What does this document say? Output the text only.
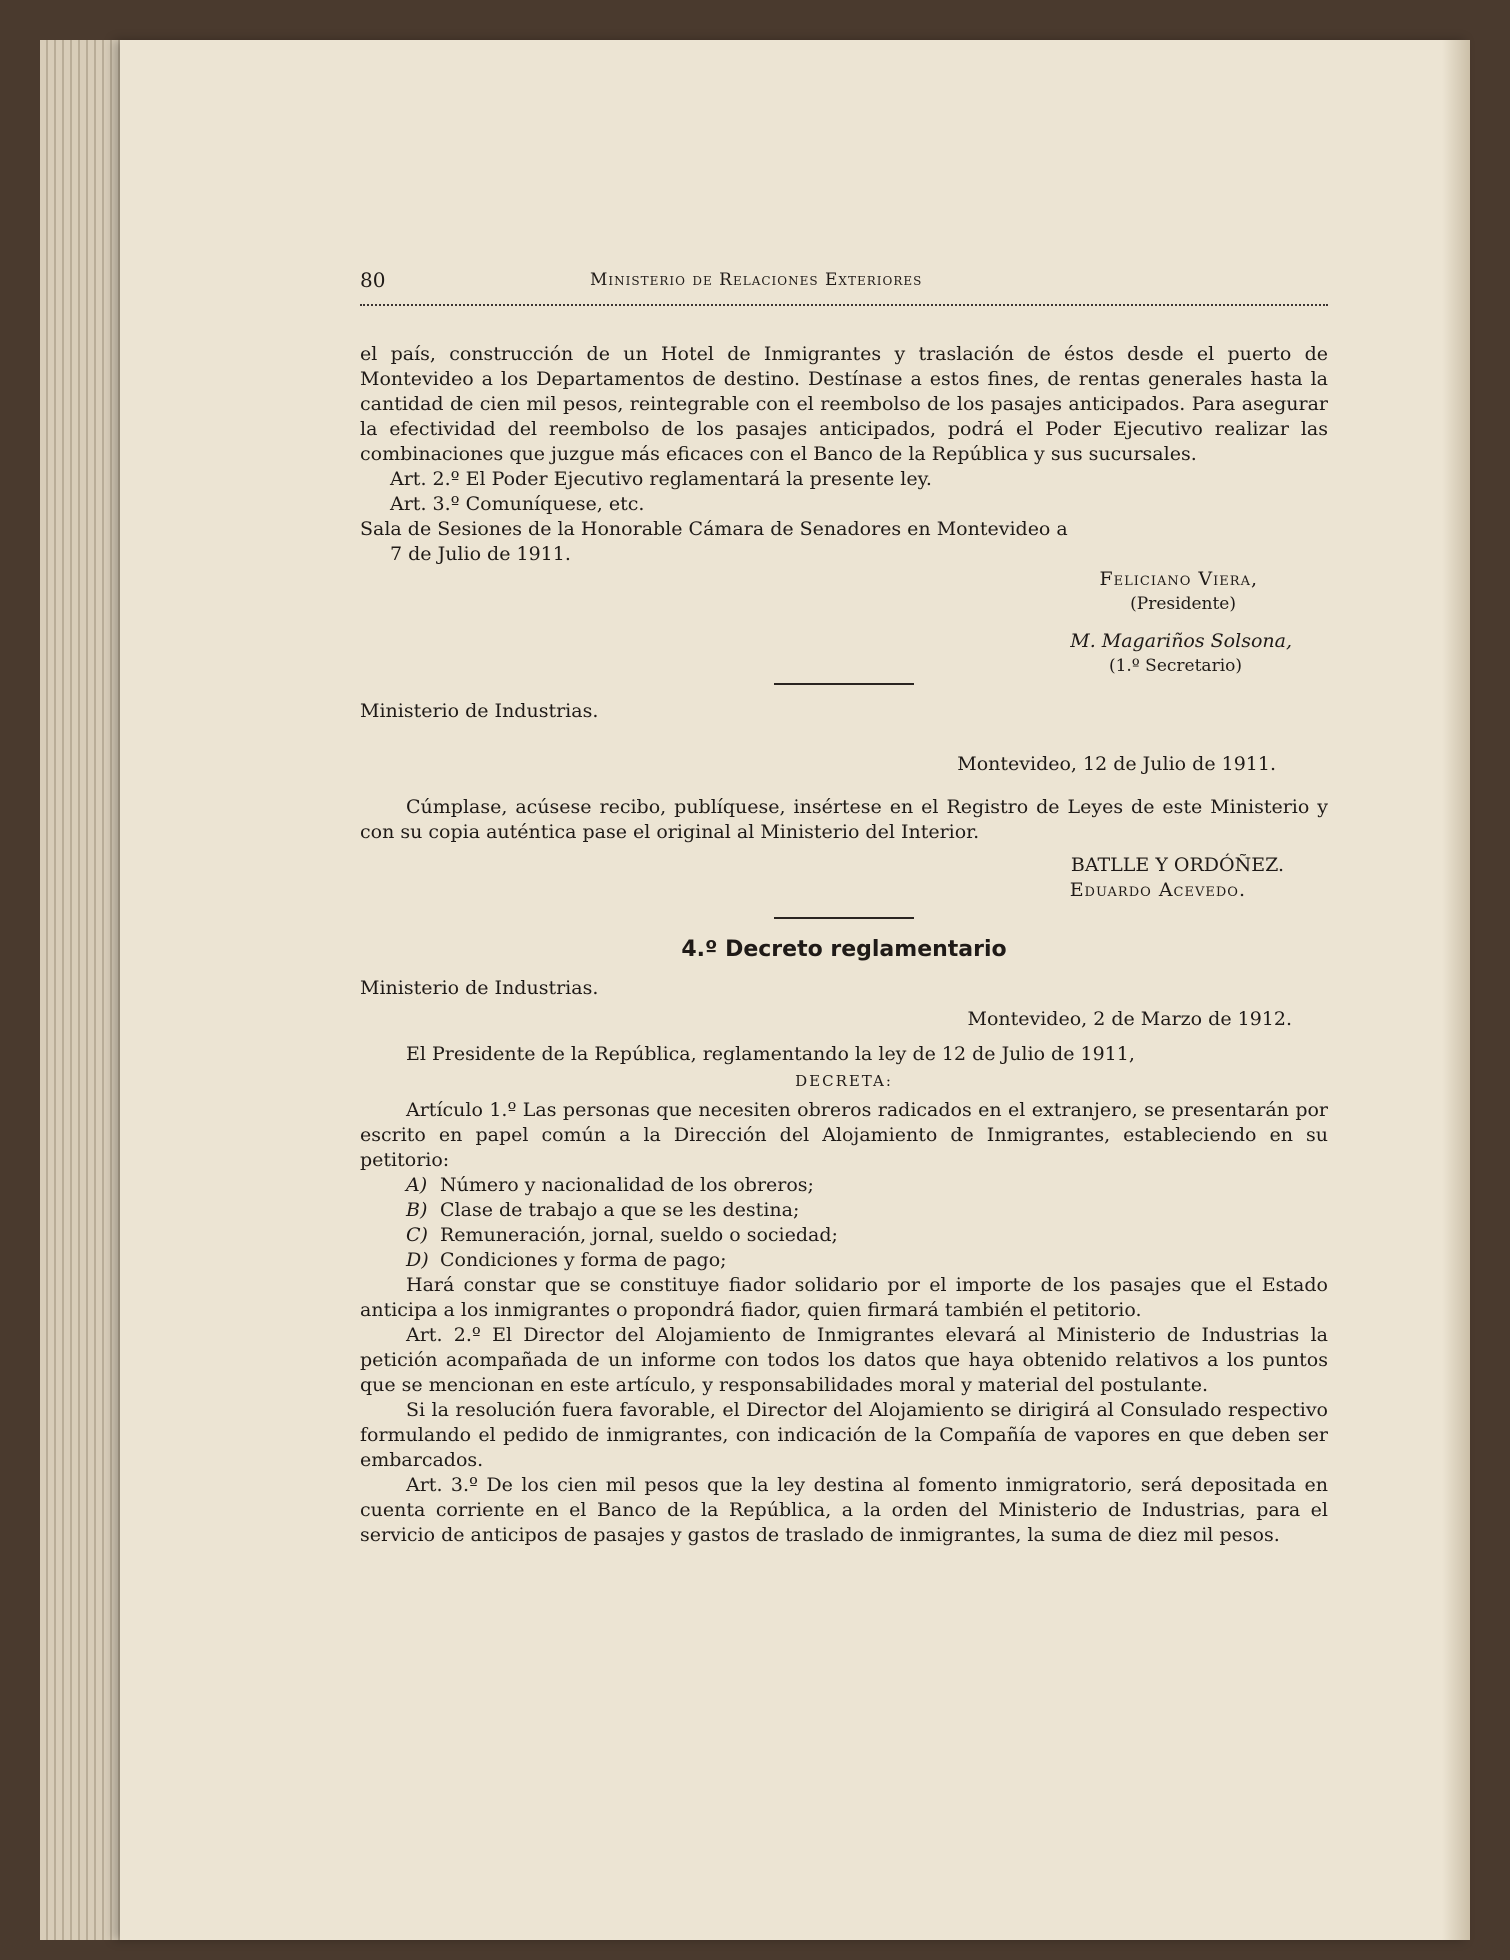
80	Ministerio de Relaciones Exteriores

el país, construcción de un Hotel de Inmigrantes y traslación de éstos desde el puerto de Montevideo a los Departamentos de destino. Destínase a estos fines, de rentas generales hasta la cantidad de cien mil pesos, reintegrable con el reembolso de los pasajes anticipados. Para asegurar la efectividad del reembolso de los pasajes anticipados, podrá el Poder Ejecutivo realizar las combinaciones que juzgue más eficaces con el Banco de la República y sus sucursales.

Art. 2.º El Poder Ejecutivo reglamentará la presente ley.

Art. 3.º Comuníquese, etc.

Sala de Sesiones de la Honorable Cámara de Senadores en Montevideo a

7 de Julio de 1911.

Feliciano Viera,

(Presidente)

M. Magariños Solsona,

(1.º Secretario)

Ministerio de Industrias.

Montevideo, 12 de Julio de 1911.

Cúmplase, acúsese recibo, publíquese, insértese en el Registro de Leyes de este Ministerio y con su copia auténtica pase el original al Ministerio del Interior.

BATLLE Y ORDÓÑEZ.

Eduardo Acevedo.

4.º Decreto reglamentario

Ministerio de Industrias.

Montevideo, 2 de Marzo de 1912.

El Presidente de la República, reglamentando la ley de 12 de Julio de 1911,

DECRETA:

Artículo 1.º Las personas que necesiten obreros radicados en el extranjero, se presentarán por escrito en papel común a la Dirección del Alojamiento de Inmigrantes, estableciendo en su petitorio:

A) Número y nacionalidad de los obreros;

B) Clase de trabajo a que se les destina;

C) Remuneración, jornal, sueldo o sociedad;

D) Condiciones y forma de pago;

Hará constar que se constituye fiador solidario por el importe de los pasajes que el Estado anticipa a los inmigrantes o propondrá fiador, quien firmará también el petitorio.

Art. 2.º El Director del Alojamiento de Inmigrantes elevará al Ministerio de Industrias la petición acompañada de un informe con todos los datos que haya obtenido relativos a los puntos que se mencionan en este artículo, y responsabilidades moral y material del postulante.

Si la resolución fuera favorable, el Director del Alojamiento se dirigirá al Consulado respectivo formulando el pedido de inmigrantes, con indicación de la Compañía de vapores en que deben ser embarcados.

Art. 3.º De los cien mil pesos que la ley destina al fomento inmigratorio, será depositada en cuenta corriente en el Banco de la República, a la orden del Ministerio de Industrias, para el servicio de anticipos de pasajes y gastos de traslado de inmigrantes, la suma de diez mil pesos.
